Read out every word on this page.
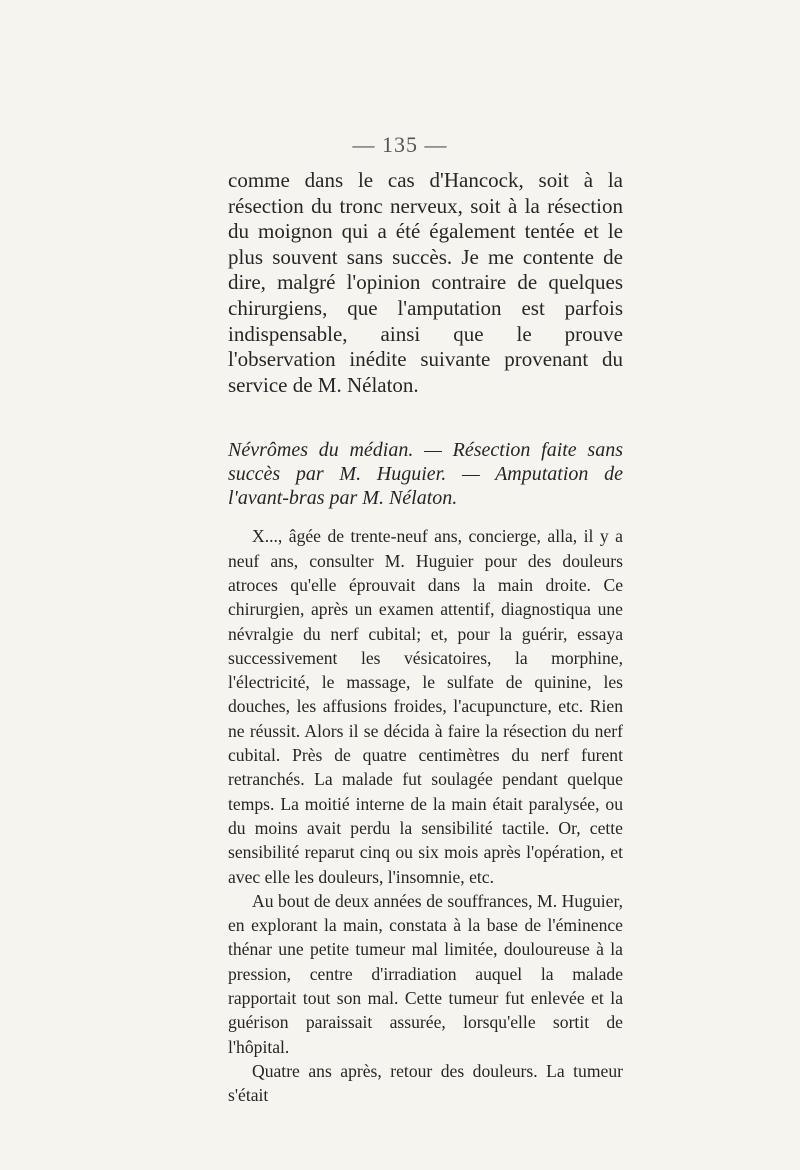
— 135 —

comme dans le cas d'Hancock, soit à la résection du tronc nerveux, soit à la résection du moignon qui a été également tentée et le plus souvent sans succès. Je me contente de dire, malgré l'opinion contraire de quelques chirurgiens, que l'amputation est parfois indispensable, ainsi que le prouve l'observation inédite suivante provenant du service de M. Nélaton.

Névrômes du médian. — Résection faite sans succès par M. Huguier. — Amputation de l'avant-bras par M. Nélaton.

X..., âgée de trente-neuf ans, concierge, alla, il y a neuf ans, consulter M. Huguier pour des douleurs atroces qu'elle éprouvait dans la main droite. Ce chirurgien, après un examen attentif, diagnostiqua une névralgie du nerf cubital; et, pour la guérir, essaya successivement les vésicatoires, la morphine, l'électricité, le massage, le sulfate de quinine, les douches, les affusions froides, l'acupuncture, etc. Rien ne réussit. Alors il se décida à faire la résection du nerf cubital. Près de quatre centimètres du nerf furent retranchés. La malade fut soulagée pendant quelque temps. La moitié interne de la main était paralysée, ou du moins avait perdu la sensibilité tactile. Or, cette sensibilité reparut cinq ou six mois après l'opération, et avec elle les douleurs, l'insomnie, etc.

Au bout de deux années de souffrances, M. Huguier, en explorant la main, constata à la base de l'éminence thénar une petite tumeur mal limitée, douloureuse à la pression, centre d'irradiation auquel la malade rapportait tout son mal. Cette tumeur fut enlevée et la guérison paraissait assurée, lorsqu'elle sortit de l'hôpital.

Quatre ans après, retour des douleurs. La tumeur s'était
